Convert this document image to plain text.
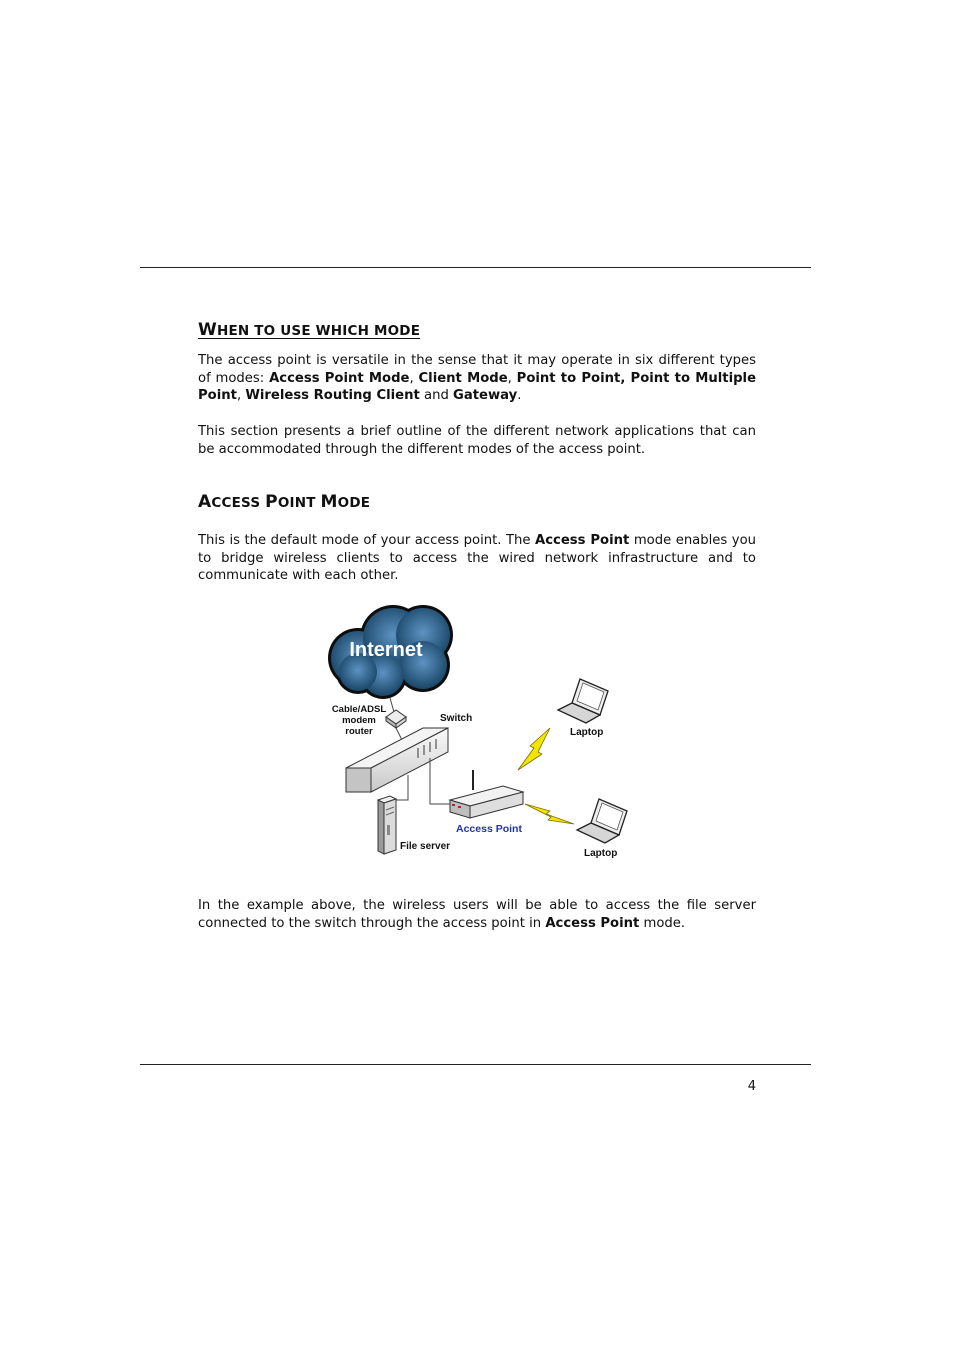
WHEN TO USE WHICH MODE

The access point is versatile in the sense that it may operate in six different types of modes: Access Point Mode, Client Mode, Point to Point, Point to Multiple Point, Wireless Routing Client and Gateway.

This section presents a brief outline of the different network applications that can be accommodated through the different modes of the access point.

ACCESS POINT MODE

This is the default mode of your access point. The Access Point mode enables you to bridge wireless clients to access the wired network infrastructure and to communicate with each other.

Internet
Cable/ADSL
modem
router
Switch
File server
Access Point
Laptop
Laptop

In the example above, the wireless users will be able to access the file server connected to the switch through the access point in Access Point mode.

4
